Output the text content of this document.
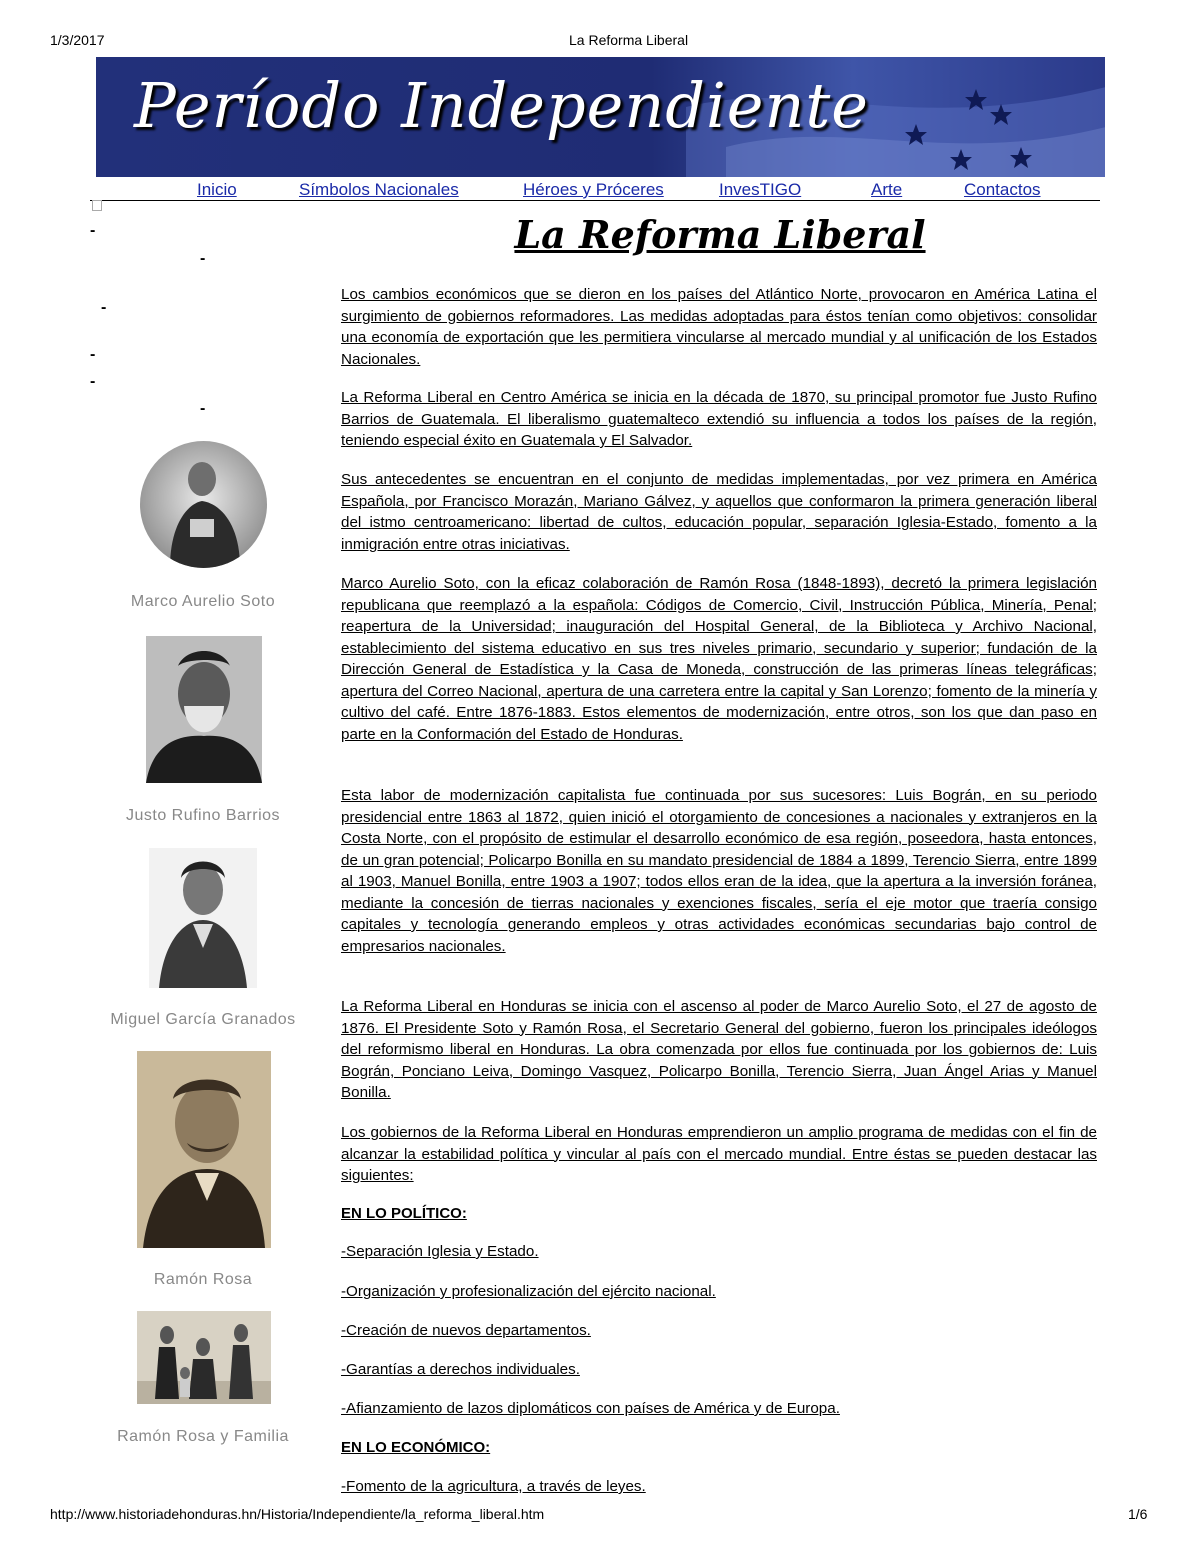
1/3/2017	La Reforma Liberal
Período Independiente
Inicio	Símbolos Nacionales	Héroes y Próceres	InvesTIGO	Arte	Contactos
-
-
-
-
-
-
Marco Aurelio Soto
Justo Rufino Barrios
Miguel García Granados
Ramón Rosa
Ramón Rosa y Familia
La Reforma Liberal
Los cambios económicos que se dieron en los países del Atlántico Norte, provocaron en América Latina el surgimiento de gobiernos reformadores. Las medidas adoptadas para éstos tenían como objetivos: consolidar una economía de exportación que les permitiera vincularse al mercado mundial y al unificación de los Estados Nacionales.
La Reforma Liberal en Centro América se inicia en la década de 1870, su principal promotor fue Justo Rufino Barrios de Guatemala. El liberalismo guatemalteco extendió su influencia a todos los países de la región, teniendo especial éxito en Guatemala y El Salvador.
Sus antecedentes se encuentran en el conjunto de medidas implementadas, por vez primera en América Española, por Francisco Morazán, Mariano Gálvez, y aquellos que conformaron la primera generación liberal del istmo centroamericano: libertad de cultos, educación popular, separación Iglesia-Estado, fomento a la inmigración entre otras iniciativas.
Marco Aurelio Soto, con la eficaz colaboración de Ramón Rosa (1848-1893), decretó la primera legislación republicana que reemplazó a la española: Códigos de Comercio, Civil, Instrucción Pública, Minería, Penal; reapertura de la Universidad; inauguración del Hospital General, de la Biblioteca y Archivo Nacional, establecimiento del sistema educativo en sus tres niveles primario, secundario y superior; fundación de la Dirección General de Estadística y la Casa de Moneda, construcción de las primeras líneas telegráficas; apertura del Correo Nacional, apertura de una carretera entre la capital y San Lorenzo; fomento de la minería y cultivo del café. Entre 1876-1883. Estos elementos de modernización, entre otros, son los que dan paso en parte en la Conformación del Estado de Honduras.
Esta labor de modernización capitalista fue continuada por sus sucesores: Luis Bográn, en su periodo presidencial entre 1863 al 1872, quien inició el otorgamiento de concesiones a nacionales y extranjeros en la Costa Norte, con el propósito de estimular el desarrollo económico de esa región, poseedora, hasta entonces, de un gran potencial; Policarpo Bonilla en su mandato presidencial de 1884 a 1899, Terencio Sierra, entre 1899 al 1903, Manuel Bonilla, entre 1903 a 1907; todos ellos eran de la idea, que la apertura a la inversión foránea, mediante la concesión de tierras nacionales y exenciones fiscales, sería el eje motor que traería consigo capitales y tecnología generando empleos y otras actividades económicas secundarias bajo control de empresarios nacionales.
La Reforma Liberal en Honduras se inicia con el ascenso al poder de Marco Aurelio Soto, el 27 de agosto de 1876. El Presidente Soto y Ramón Rosa, el Secretario General del gobierno, fueron los principales ideólogos del reformismo liberal en Honduras. La obra comenzada por ellos fue continuada por los gobiernos de: Luis Bográn, Ponciano Leiva, Domingo Vasquez, Policarpo Bonilla, Terencio Sierra, Juan Ángel Arias y Manuel Bonilla.
Los gobiernos de la Reforma Liberal en Honduras emprendieron un amplio programa de medidas con el fin de alcanzar la estabilidad política y vincular al país con el mercado mundial. Entre éstas se pueden destacar las siguientes:
EN LO POLÍTICO:
-Separación Iglesia y Estado.
-Organización y profesionalización del ejército nacional.
-Creación de nuevos departamentos.
-Garantías a derechos individuales.
-Afianzamiento de lazos diplomáticos con países de América y de Europa.
EN LO ECONÓMICO:
-Fomento de la agricultura, a través de leyes.
http://www.historiadehonduras.hn/Historia/Independiente/la_reforma_liberal.htm	1/6
